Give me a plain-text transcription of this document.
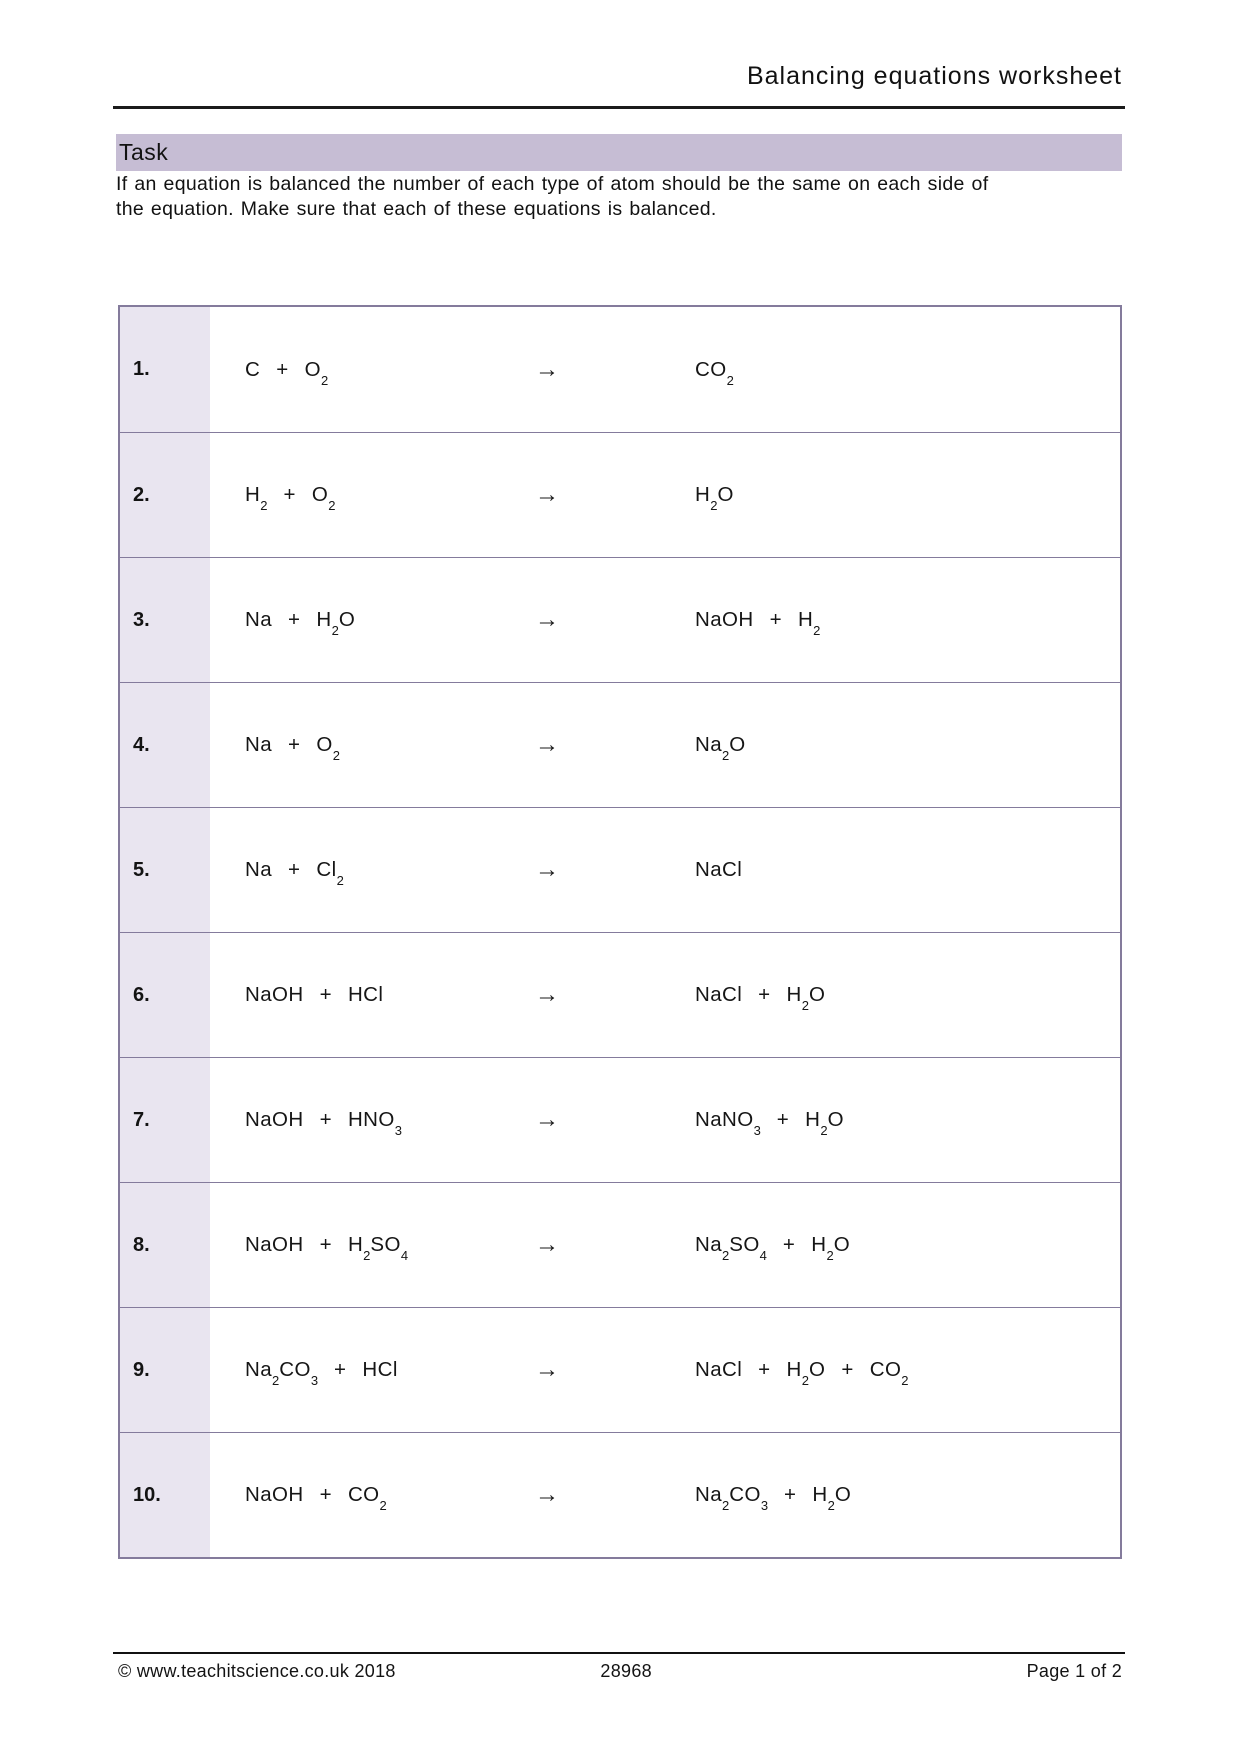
Balancing equations worksheet
Task
If an equation is balanced the number of each type of atom should be the same on each side of
the equation. Make sure that each of these equations is balanced.
1.	$C + O_2$	→	$CO_2$
2.	$H_2 + O_2$	→	$H_2O$
3.	$Na + H_2O$	→	NaOH + $H_2$
4.	$Na + O_2$	→	$Na_2O$
5.	$Na + Cl_2$	→	NaCl
6.	NaOH + HCl	→	NaCl + $H_2O$
7.	NaOH + $HNO_3$	→	NaNO$_3$ + $H_2O$
8.	NaOH + $H_2SO_4$	→	$Na_2SO_4 + H_2O$
9.	$Na_2CO_3$ + HCl	→	NaCl + $H_2O + CO_2$
10.	NaOH + $CO_2$	→	$Na_2CO_3 + H_2O$
© www.teachitscience.co.uk 2018	28968	Page 1 of 2
